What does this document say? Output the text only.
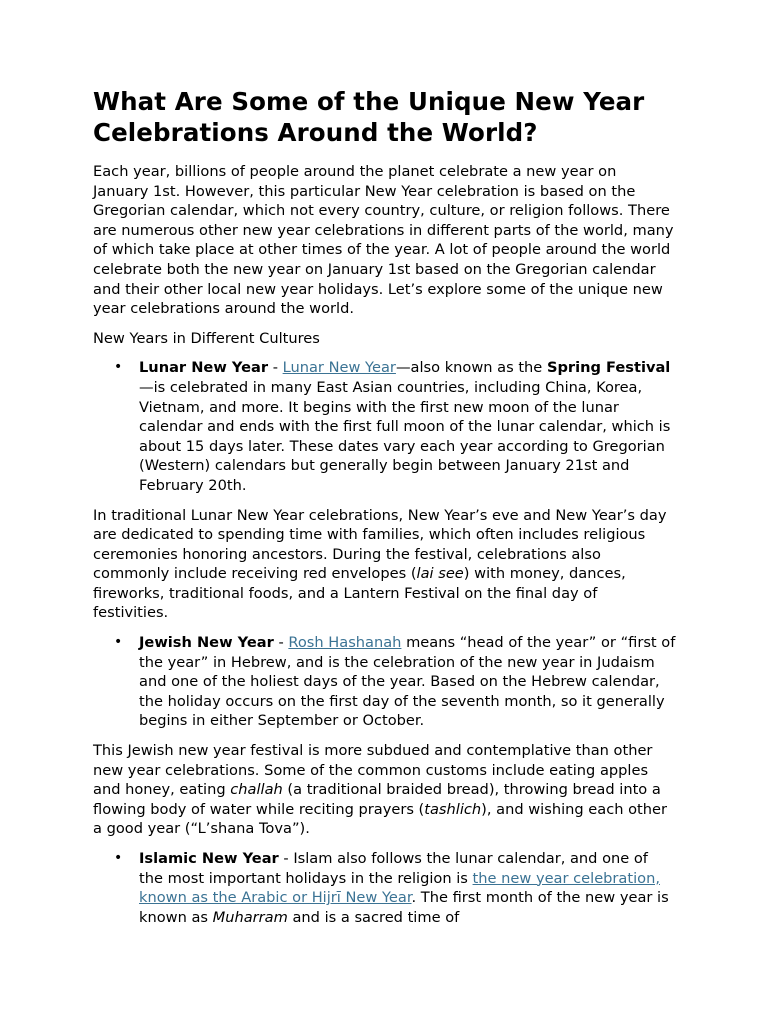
What Are Some of the Unique New Year Celebrations Around the World?

Each year, billions of people around the planet celebrate a new year on January 1st. However, this particular New Year celebration is based on the Gregorian calendar, which not every country, culture, or religion follows. There are numerous other new year celebrations in different parts of the world, many of which take place at other times of the year. A lot of people around the world celebrate both the new year on January 1st based on the Gregorian calendar and their other local new year holidays. Let’s explore some of the unique new year celebrations around the world.

New Years in Different Cultures

• Lunar New Year - Lunar New Year—also known as the Spring Festival—is celebrated in many East Asian countries, including China, Korea, Vietnam, and more. It begins with the first new moon of the lunar calendar and ends with the first full moon of the lunar calendar, which is about 15 days later. These dates vary each year according to Gregorian (Western) calendars but generally begin between January 21st and February 20th.

In traditional Lunar New Year celebrations, New Year’s eve and New Year’s day are dedicated to spending time with families, which often includes religious ceremonies honoring ancestors. During the festival, celebrations also commonly include receiving red envelopes (lai see) with money, dances, fireworks, traditional foods, and a Lantern Festival on the final day of festivities.

• Jewish New Year - Rosh Hashanah means “head of the year” or “first of the year” in Hebrew, and is the celebration of the new year in Judaism and one of the holiest days of the year. Based on the Hebrew calendar, the holiday occurs on the first day of the seventh month, so it generally begins in either September or October.

This Jewish new year festival is more subdued and contemplative than other new year celebrations. Some of the common customs include eating apples and honey, eating challah (a traditional braided bread), throwing bread into a flowing body of water while reciting prayers (tashlich), and wishing each other a good year (“L’shana Tova”).

• Islamic New Year - Islam also follows the lunar calendar, and one of the most important holidays in the religion is the new year celebration, known as the Arabic or Hijrī New Year. The first month of the new year is known as Muharram and is a sacred time of
